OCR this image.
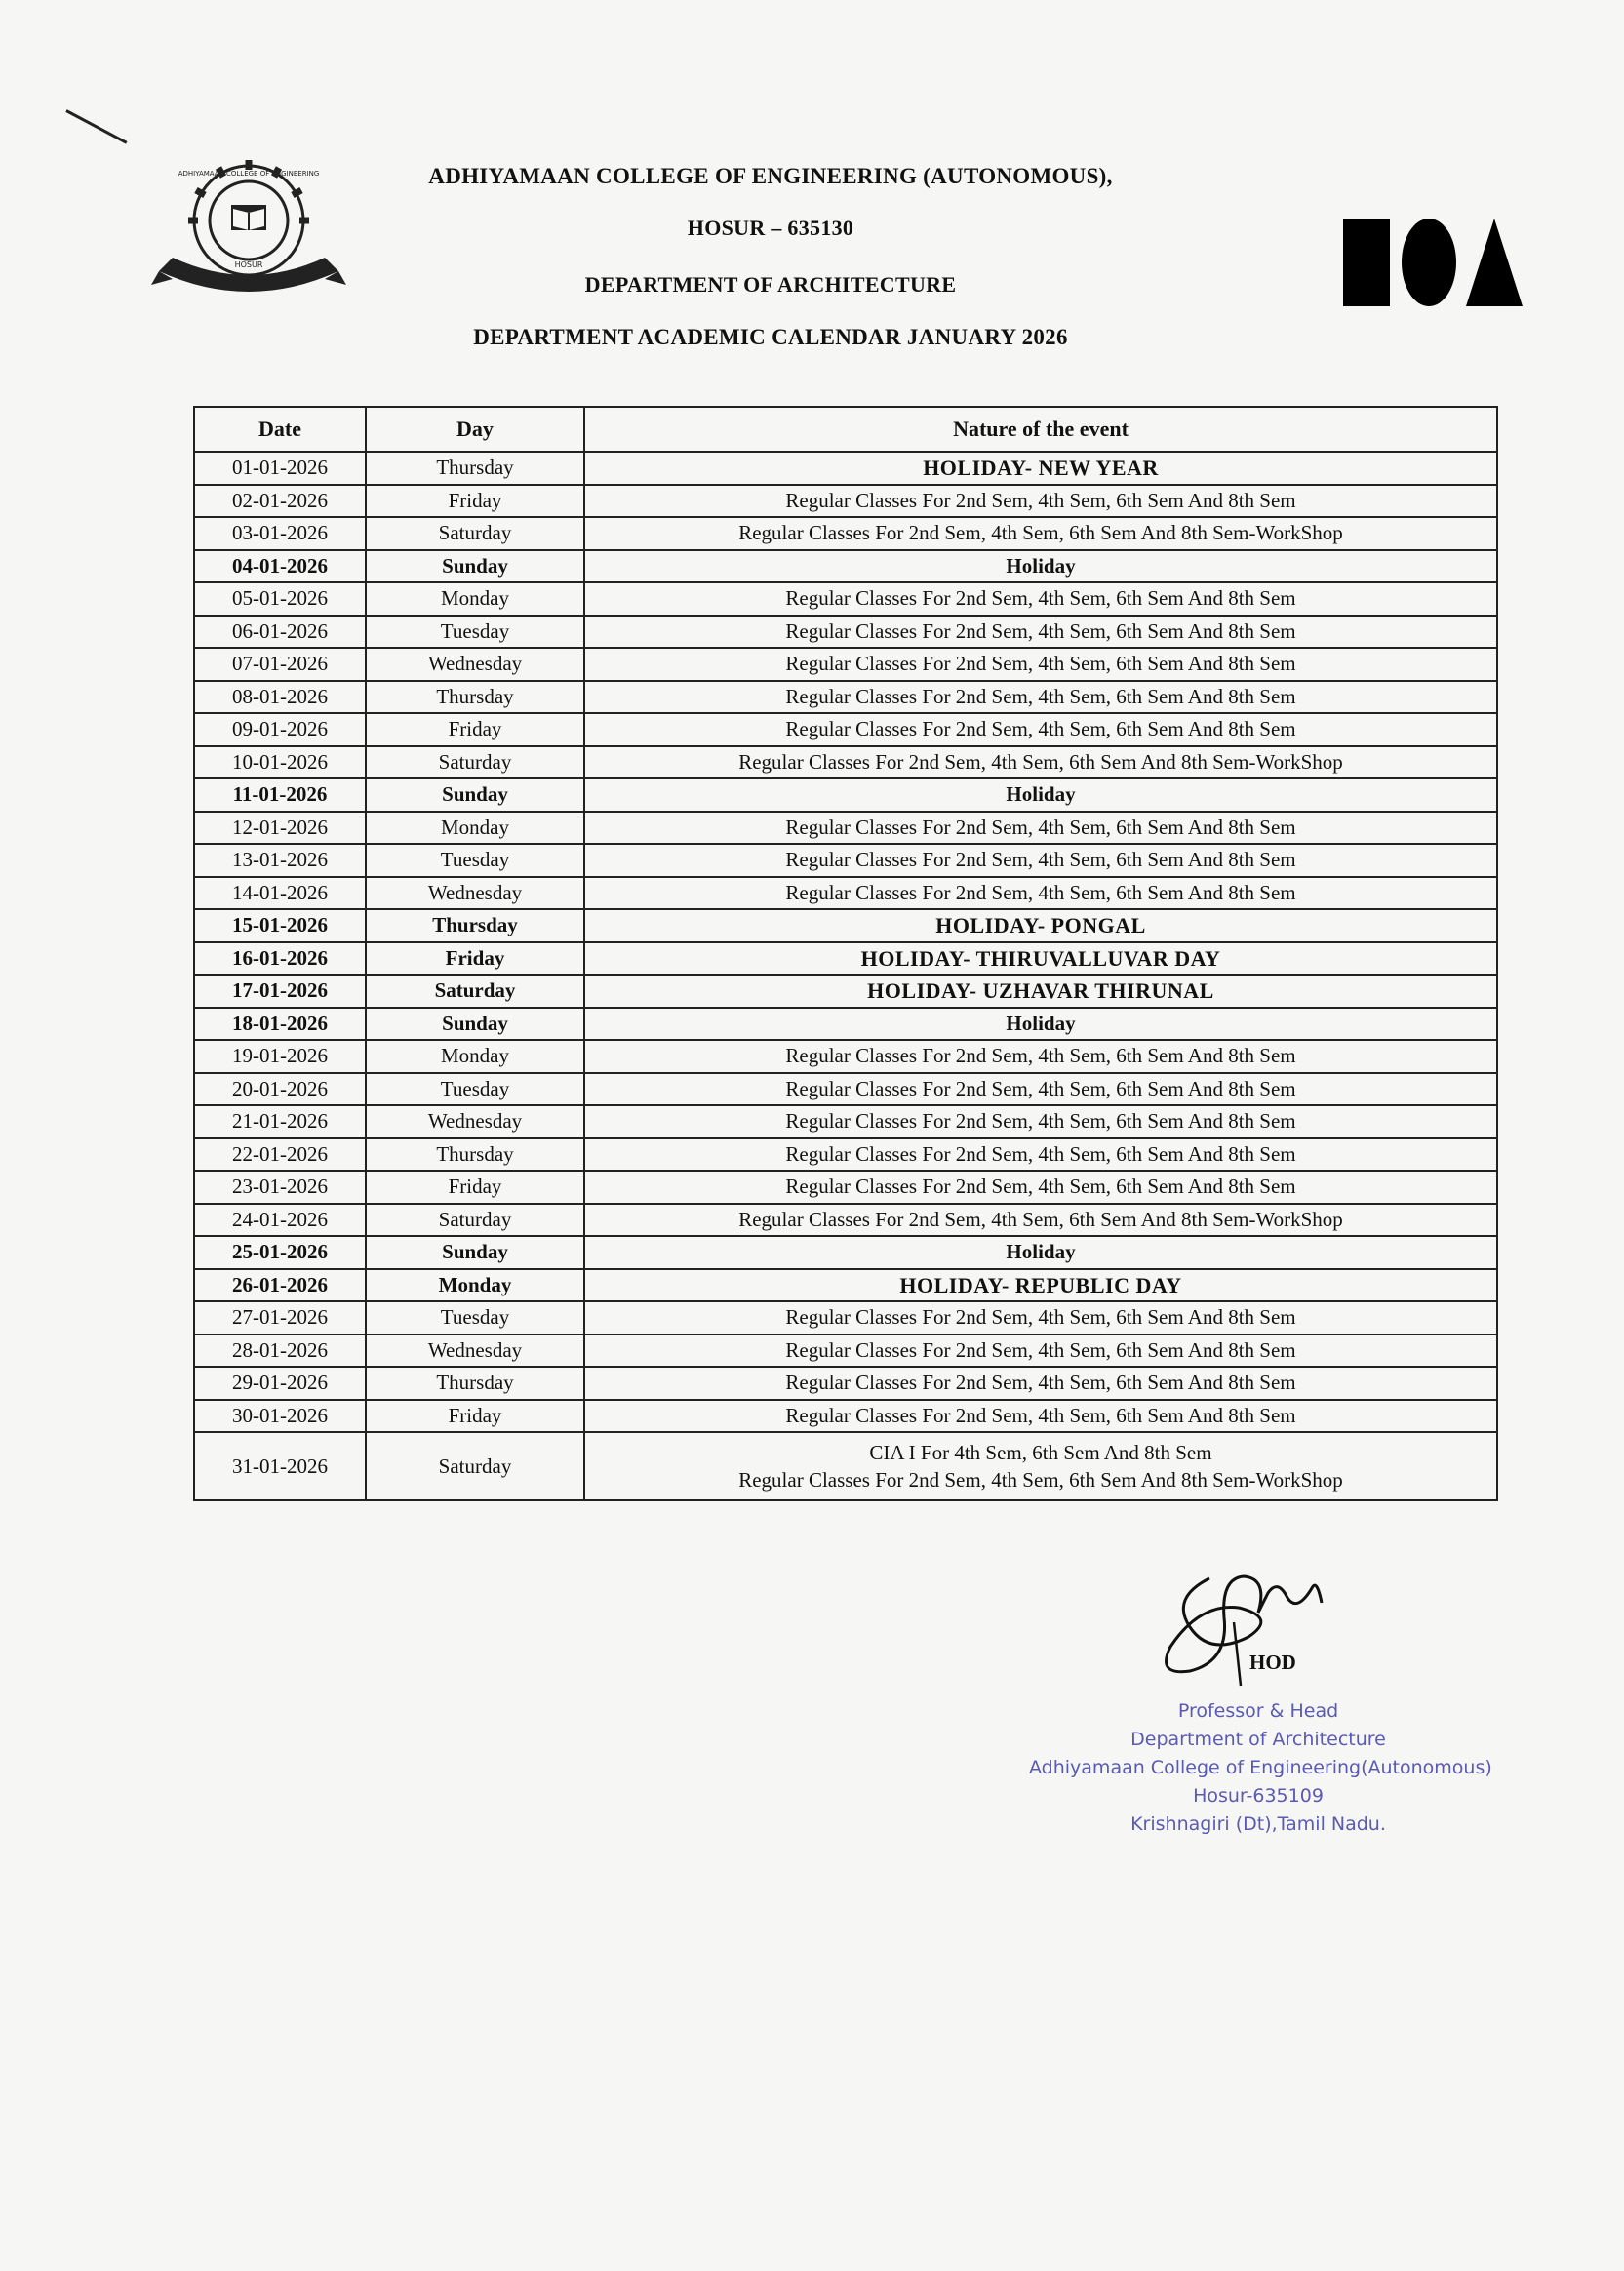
ADHIYAMAAN COLLEGE OF ENGINEERING
HOSUR
ADHIYAMAAN COLLEGE OF ENGINEERING (AUTONOMOUS),
HOSUR – 635130
DEPARTMENT OF ARCHITECTURE
DEPARTMENT ACADEMIC CALENDAR JANUARY 2026
Date	Day	Nature of the event
01-01-2026	Thursday	HOLIDAY- NEW YEAR
02-01-2026	Friday	Regular Classes For 2nd Sem, 4th Sem, 6th Sem And 8th Sem
03-01-2026	Saturday	Regular Classes For 2nd Sem, 4th Sem, 6th Sem And 8th Sem-WorkShop
04-01-2026	Sunday	Holiday
05-01-2026	Monday	Regular Classes For 2nd Sem, 4th Sem, 6th Sem And 8th Sem
06-01-2026	Tuesday	Regular Classes For 2nd Sem, 4th Sem, 6th Sem And 8th Sem
07-01-2026	Wednesday	Regular Classes For 2nd Sem, 4th Sem, 6th Sem And 8th Sem
08-01-2026	Thursday	Regular Classes For 2nd Sem, 4th Sem, 6th Sem And 8th Sem
09-01-2026	Friday	Regular Classes For 2nd Sem, 4th Sem, 6th Sem And 8th Sem
10-01-2026	Saturday	Regular Classes For 2nd Sem, 4th Sem, 6th Sem And 8th Sem-WorkShop
11-01-2026	Sunday	Holiday
12-01-2026	Monday	Regular Classes For 2nd Sem, 4th Sem, 6th Sem And 8th Sem
13-01-2026	Tuesday	Regular Classes For 2nd Sem, 4th Sem, 6th Sem And 8th Sem
14-01-2026	Wednesday	Regular Classes For 2nd Sem, 4th Sem, 6th Sem And 8th Sem
15-01-2026	Thursday	HOLIDAY- PONGAL
16-01-2026	Friday	HOLIDAY- THIRUVALLUVAR DAY
17-01-2026	Saturday	HOLIDAY- UZHAVAR THIRUNAL
18-01-2026	Sunday	Holiday
19-01-2026	Monday	Regular Classes For 2nd Sem, 4th Sem, 6th Sem And 8th Sem
20-01-2026	Tuesday	Regular Classes For 2nd Sem, 4th Sem, 6th Sem And 8th Sem
21-01-2026	Wednesday	Regular Classes For 2nd Sem, 4th Sem, 6th Sem And 8th Sem
22-01-2026	Thursday	Regular Classes For 2nd Sem, 4th Sem, 6th Sem And 8th Sem
23-01-2026	Friday	Regular Classes For 2nd Sem, 4th Sem, 6th Sem And 8th Sem
24-01-2026	Saturday	Regular Classes For 2nd Sem, 4th Sem, 6th Sem And 8th Sem-WorkShop
25-01-2026	Sunday	Holiday
26-01-2026	Monday	HOLIDAY- REPUBLIC DAY
27-01-2026	Tuesday	Regular Classes For 2nd Sem, 4th Sem, 6th Sem And 8th Sem
28-01-2026	Wednesday	Regular Classes For 2nd Sem, 4th Sem, 6th Sem And 8th Sem
29-01-2026	Thursday	Regular Classes For 2nd Sem, 4th Sem, 6th Sem And 8th Sem
30-01-2026	Friday	Regular Classes For 2nd Sem, 4th Sem, 6th Sem And 8th Sem
31-01-2026	Saturday	CIA I For 4th Sem, 6th Sem And 8th Sem
Regular Classes For 2nd Sem, 4th Sem, 6th Sem And 8th Sem-WorkShop
HOD
Professor & Head
Department of Architecture
Adhiyamaan College of Engineering(Autonomous)
Hosur-635109
Krishnagiri (Dt),Tamil Nadu.
